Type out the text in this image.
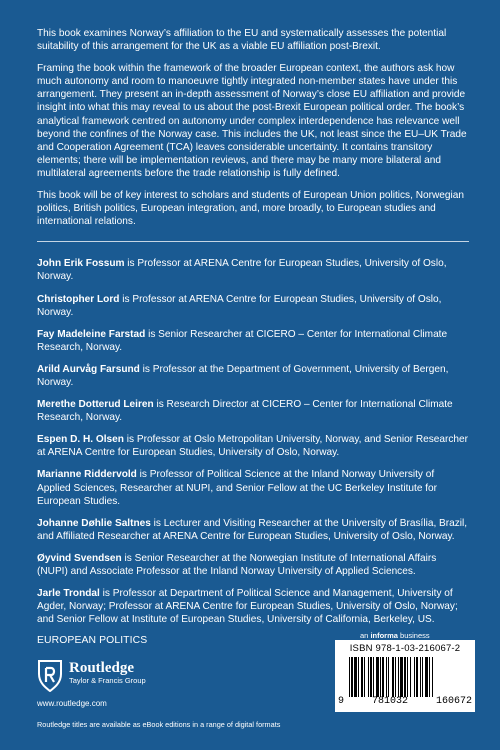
This book examines Norway’s affiliation to the EU and systematically assesses the potential suitability of this arrangement for the UK as a viable EU affiliation post-Brexit.

Framing the book within the framework of the broader European context, the authors ask how much autonomy and room to manoeuvre tightly integrated non-member states have under this arrangement. They present an in-depth assessment of Norway’s close EU affiliation and provide insight into what this may reveal to us about the post-Brexit European political order. The book’s analytical framework centred on autonomy under complex interdependence has relevance well beyond the confines of the Norway case. This includes the UK, not least since the EU–UK Trade and Cooperation Agreement (TCA) leaves considerable uncertainty. It contains transitory elements; there will be implementation reviews, and there may be many more bilateral and multilateral agreements before the trade relationship is fully defined.

This book will be of key interest to scholars and students of European Union politics, Norwegian politics, British politics, European integration, and, more broadly, to European studies and international relations.

John Erik Fossum is Professor at ARENA Centre for European Studies, University of Oslo, Norway.

Christopher Lord is Professor at ARENA Centre for European Studies, University of Oslo, Norway.

Fay Madeleine Farstad is Senior Researcher at CICERO – Center for International Climate Research, Norway.

Arild Aurvåg Farsund is Professor at the Department of Government, University of Bergen, Norway.

Merethe Dotterud Leiren is Research Director at CICERO – Center for International Climate Research, Norway.

Espen D. H. Olsen is Professor at Oslo Metropolitan University, Norway, and Senior Researcher at ARENA Centre for European Studies, University of Oslo, Norway.

Marianne Riddervold is Professor of Political Science at the Inland Norway University of Applied Sciences, Researcher at NUPI, and Senior Fellow at the UC Berkeley Institute for European Studies.

Johanne Døhlie Saltnes is Lecturer and Visiting Researcher at the University of Brasília, Brazil, and Affiliated Researcher at ARENA Centre for European Studies, University of Oslo, Norway.

Øyvind Svendsen is Senior Researcher at the Norwegian Institute of International Affairs (NUPI) and Associate Professor at the Inland Norway University of Applied Sciences.

Jarle Trondal is Professor at Department of Political Science and Management, University of Agder, Norway; Professor at ARENA Centre for European Studies, University of Oslo, Norway; and Senior Fellow at Institute of European Studies, University of California, Berkeley, US.

EUROPEAN POLITICS
Routledge
Taylor & Francis Group
www.routledge.com
Routledge titles are available as eBook editions in a range of digital formats
an informa business
ISBN 978-1-03-216067-2
9	781032	160672
